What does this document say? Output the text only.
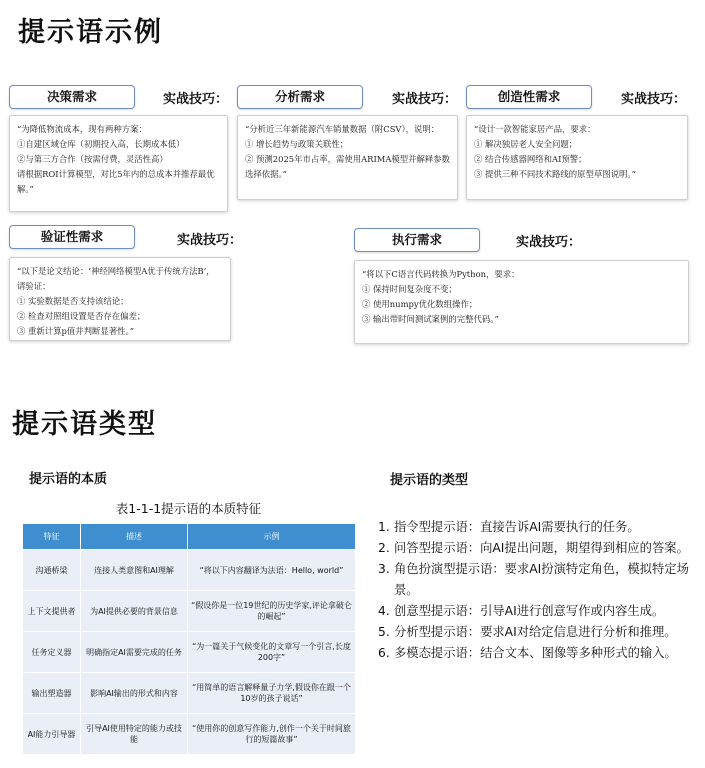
提示语示例
决策需求	实战技巧：
“为降低物流成本，现有两种方案：
①自建区域仓库（初期投入高，长期成本低）
②与第三方合作（按需付费，灵活性高）
请根据ROI计算模型，对比5年内的总成本并推荐最优
解。”
分析需求	实战技巧：
“分析近三年新能源汽车销量数据（附CSV），说明：
① 增长趋势与政策关联性；
② 预测2025年市占率，需使用ARIMA模型并解释参数
选择依据。”
创造性需求	实战技巧：
“设计一款智能家居产品，要求：
① 解决独居老人安全问题；
② 结合传感器网络和AI预警；
③ 提供三种不同技术路线的原型草图说明。”
验证性需求	实战技巧：
“以下是论文结论：‘神经网络模型A优于传统方法B’，
请验证：
① 实验数据是否支持该结论；
② 检查对照组设置是否存在偏差；
③ 重新计算p值并判断显著性。”
执行需求	实战技巧：
“将以下C语言代码转换为Python，要求：
① 保持时间复杂度不变；
② 使用numpy优化数组操作；
③ 输出带时间测试案例的完整代码。”
提示语类型
提示语的本质	提示语的类型
表1-1-1提示语的本质特征
特征	描述	示例
沟通桥梁	连接人类意图和AI理解	“将以下内容翻译为法语：Hello, world”
上下文提供者	为AI提供必要的背景信息	“假设你是一位19世纪的历史学家,评论拿破仑的崛起”
任务定义器	明确指定AI需要完成的任务	“为一篇关于气候变化的文章写一个引言,长度200字”
输出塑造器	影响AI输出的形式和内容	“用简单的语言解释量子力学,假设你在跟一个10岁的孩子说话”
AI能力引导器	引导AI使用特定的能力或技能	“使用你的创意写作能力,创作一个关于时间旅行的短篇故事”
1. 指令型提示语：直接告诉AI需要执行的任务。
2. 问答型提示语：向AI提出问题，期望得到相应的答案。
3. 角色扮演型提示语：要求AI扮演特定角色，模拟特定场景。
4. 创意型提示语：引导AI进行创意写作或内容生成。
5. 分析型提示语：要求AI对给定信息进行分析和推理。
6. 多模态提示语：结合文本、图像等多种形式的输入。
